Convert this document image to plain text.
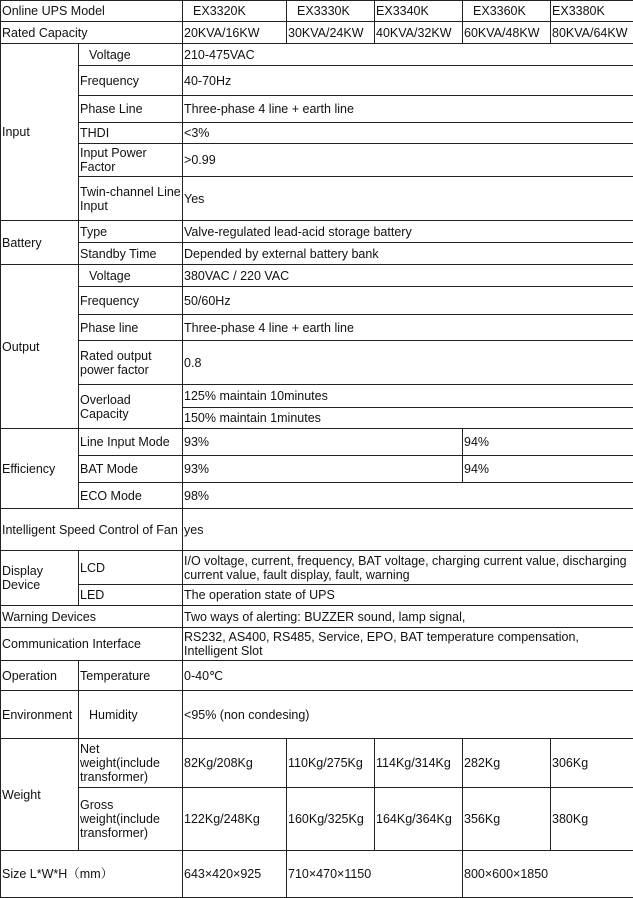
Online UPS Model		EX3320K	EX3330K	EX3340K	EX3360K	EX3380K
Rated Capacity		20KVA/16KW	30KVA/24KW	40KVA/32KW	60KVA/48KW	80KVA/64KW
Input	Voltage	210-475VAC				
	Frequency	40-70Hz				
	Phase Line	Three-phase 4 line + earth line				
	THDI	<3%				
	Input Power Factor	>0.99				
	Twin-channel Line Input	Yes				
Battery	Type	Valve-regulated lead-acid storage battery				
	Standby Time	Depended by external battery bank				
Output	Voltage	380VAC / 220 VAC				
	Frequency	50/60Hz				
	Phase line	Three-phase 4 line + earth line				
	Rated output power factor	0.8				
	Overload Capacity	125% maintain 10minutes				
		150% maintain 1minutes				
Efficiency	Line Input Mode	93%			94%	
	BAT Mode	93%			94%	
	ECO Mode	98%				
Intelligent Speed Control of Fan		yes				
Display Device	LCD	I/O voltage, current, frequency, BAT voltage, charging current value, discharging current value, fault display, fault, warning				
	LED	The operation state of UPS				
Warning Devices		Two ways of alerting: BUZZER sound, lamp signal,				
Communication Interface		RS232, AS400, RS485, Service, EPO, BAT temperature compensation, Intelligent Slot				
Operation	Temperature	0-40℃				
Environment	Humidity	<95% (non condesing)				
Weight	Net weight(include transformer)	82Kg/208Kg	110Kg/275Kg	114Kg/314Kg	282Kg	306Kg
	Gross weight(include transformer)	122Kg/248Kg	160Kg/325Kg	164Kg/364Kg	356Kg	380Kg
Size L*W*H（mm）		643×420×925	710×470×1150		800×600×1850	
